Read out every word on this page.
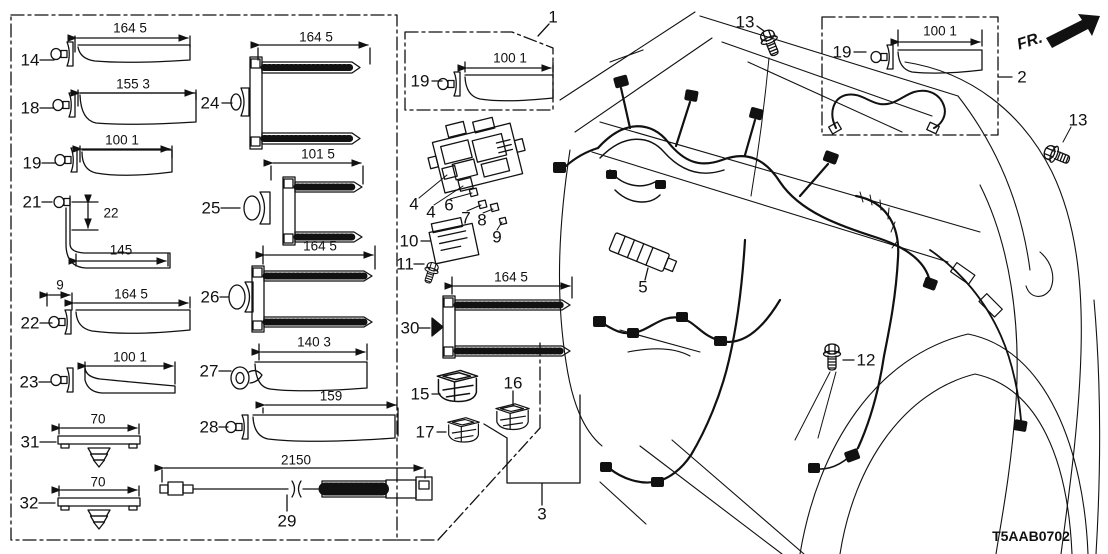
14
164 5
18
155 3
19
100 1
21
22
145
9
164 5
22
23
100 1
31
70
32
70
24
164 5
25
101 5
26
164 5
27
140 3
28
159
29
2150
1
19
100 1
4 4 6
7 8
9
10
11
30
164 5
15
16
17
3
5
13
19
100 1
2
FR.
13
12
T5AAB0702
